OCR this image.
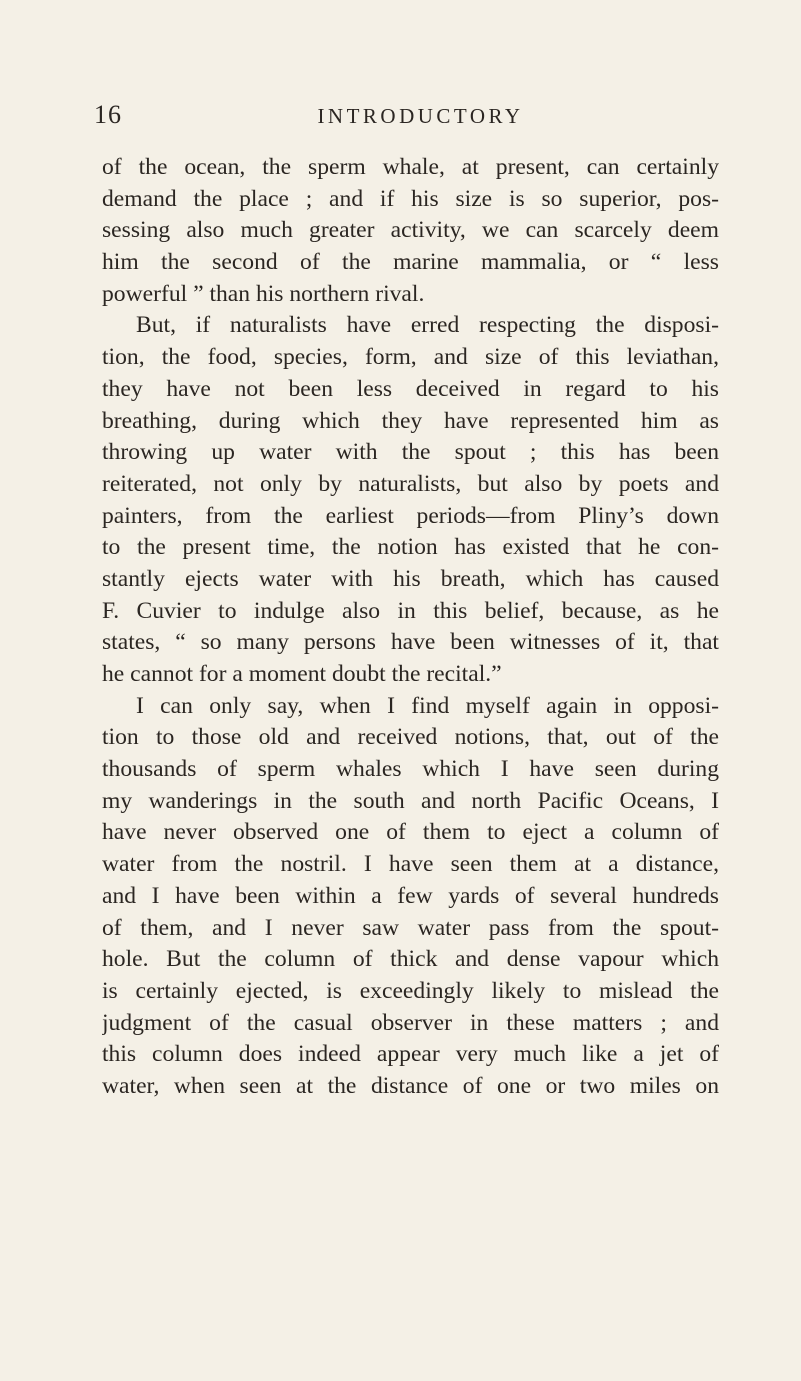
16	INTRODUCTORY
of the ocean, the sperm whale, at present, can certainly
demand the place ; and if his size is so superior, pos-
sessing also much greater activity, we can scarcely deem
him the second of the marine mammalia, or “ less
powerful ” than his northern rival.
But, if naturalists have erred respecting the disposi-
tion, the food, species, form, and size of this leviathan,
they have not been less deceived in regard to his
breathing, during which they have represented him as
throwing up water with the spout ; this has been
reiterated, not only by naturalists, but also by poets and
painters, from the earliest periods—from Pliny’s down
to the present time, the notion has existed that he con-
stantly ejects water with his breath, which has caused
F. Cuvier to indulge also in this belief, because, as he
states, “ so many persons have been witnesses of it, that
he cannot for a moment doubt the recital.”
I can only say, when I find myself again in opposi-
tion to those old and received notions, that, out of the
thousands of sperm whales which I have seen during
my wanderings in the south and north Pacific Oceans, I
have never observed one of them to eject a column of
water from the nostril. I have seen them at a distance,
and I have been within a few yards of several hundreds
of them, and I never saw water pass from the spout-
hole. But the column of thick and dense vapour which
is certainly ejected, is exceedingly likely to mislead the
judgment of the casual observer in these matters ; and
this column does indeed appear very much like a jet of
water, when seen at the distance of one or two miles on
